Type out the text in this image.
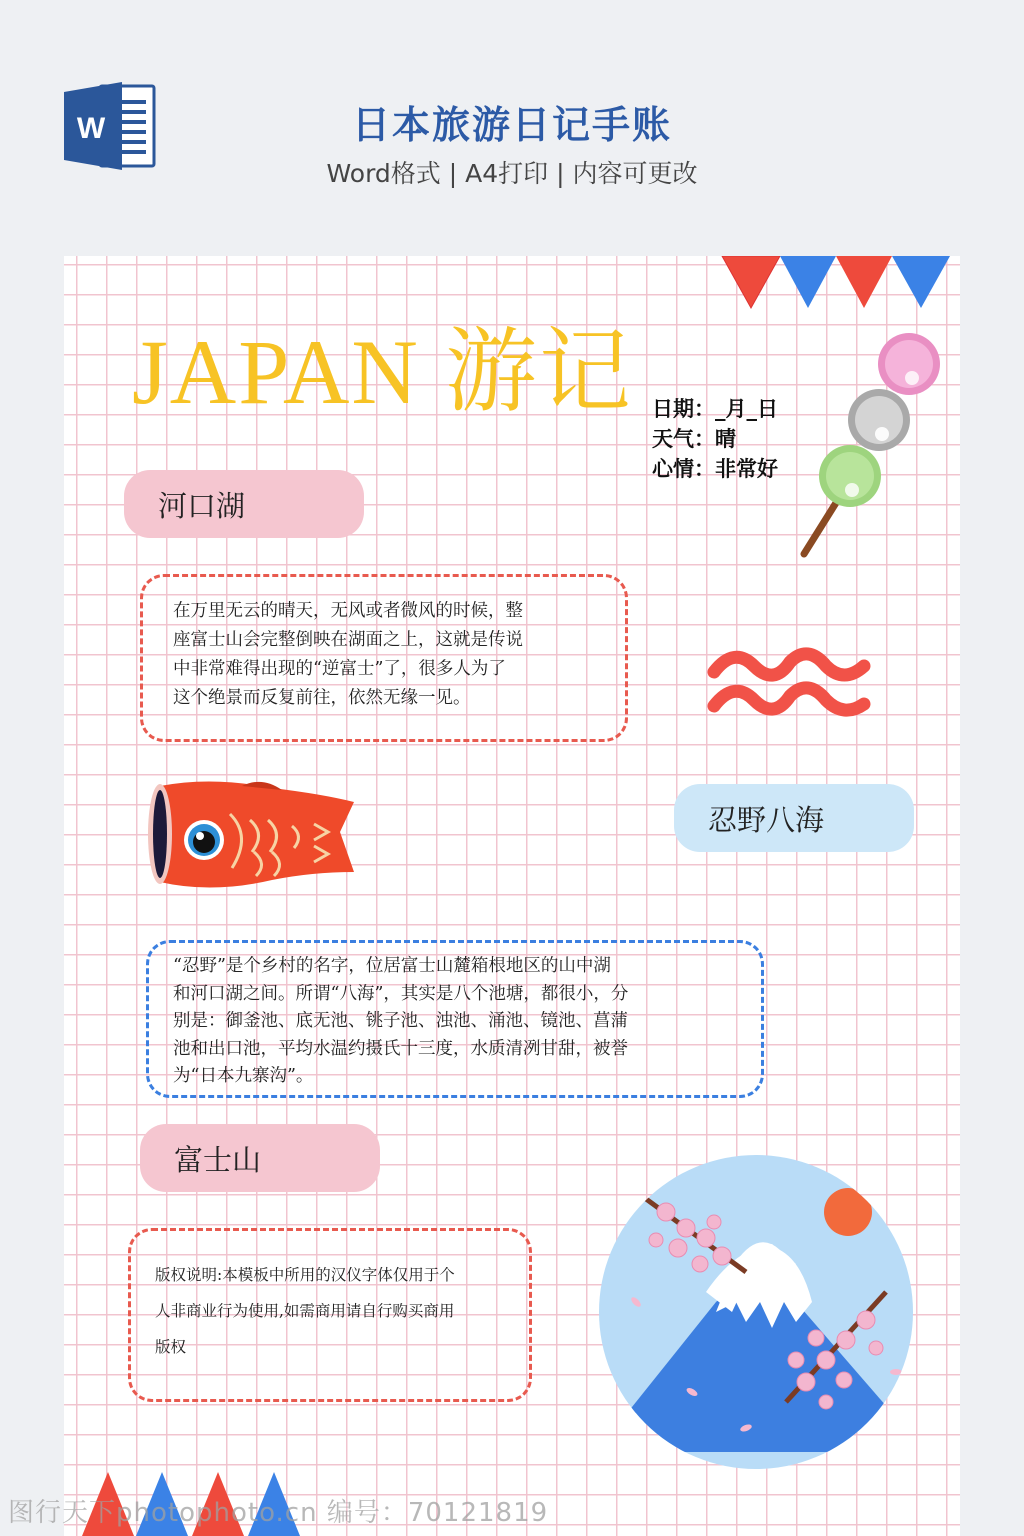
W	日本旅游日记手账
Word格式 | A4打印 | 内容可更改
JAPAN 游记 日期：_月_日
天气：晴
心情：非常好
河口湖
在万里无云的晴天，无风或者微风的时候，整
座富士山会完整倒映在湖面之上，这就是传说
中非常难得出现的“逆富士”了，很多人为了
这个绝景而反复前往，依然无缘一见。
忍野八海
“忍野”是个乡村的名字，位居富士山麓箱根地区的山中湖
和河口湖之间。所谓“八海”，其实是八个池塘，都很小，分
别是：御釜池、底无池、铫子池、浊池、涌池、镜池、菖蒲
池和出口池，平均水温约摄氏十三度，水质清冽甘甜，被誉
为“日本九寨沟”。
富士山
版权说明:本模板中所用的汉仪字体仅用于个
人非商业行为使用,如需商用请自行购买商用
版权
图行天下photophoto.cn 编号：70121819
